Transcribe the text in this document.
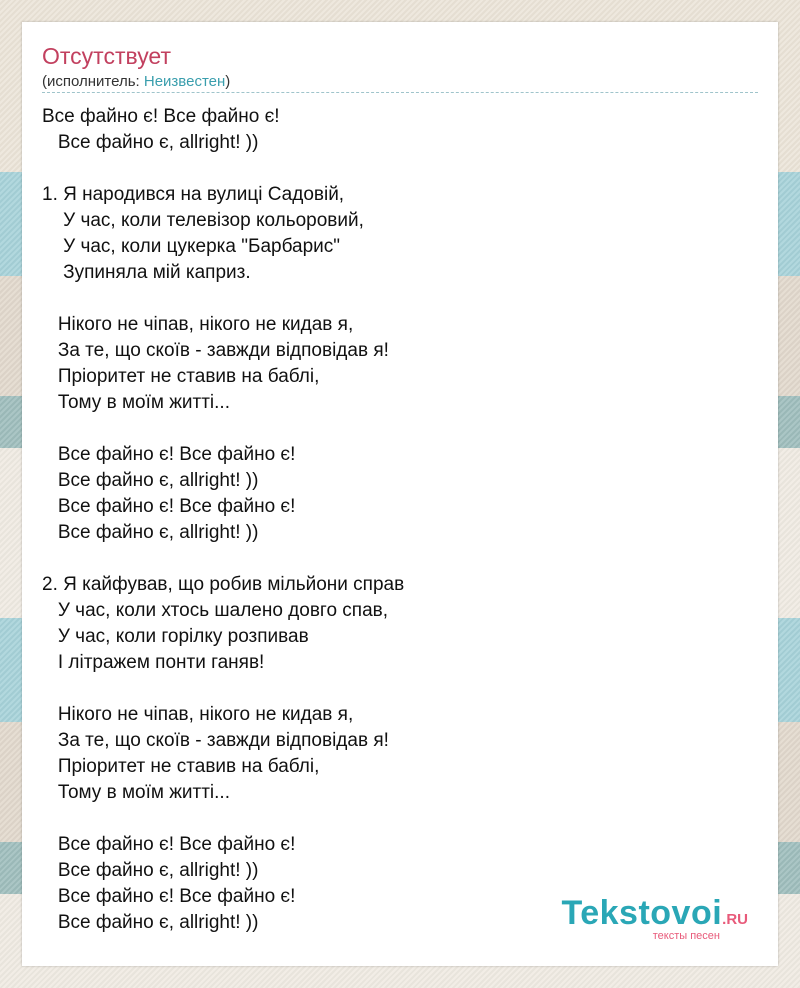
Отсутствует
(исполнитель: Неизвестен)
Все файно є! Все файно є!
Все файно є, allright! ))
1. Я народився на вулиці Садовій,
У час, коли телевізор кольоровий,
У час, коли цукерка "Барбарис"
Зупиняла мій каприз.
Нікого не чіпав, нікого не кидав я,
За те, що скоїв - завжди відповідав я!
Пріоритет не ставив на баблі,
Тому в моїм житті...
Все файно є! Все файно є!
Все файно є, allright! ))
Все файно є! Все файно є!
Все файно є, allright! ))
2. Я кайфував, що робив мільйони справ
У час, коли хтось шалено довго спав,
У час, коли горілку розпивав
І літражем понти ганяв!
Нікого не чіпав, нікого не кидав я,
За те, що скоїв - завжди відповідав я!
Пріоритет не ставив на баблі,
Тому в моїм житті...
Все файно є! Все файно є!
Все файно є, allright! ))
Все файно є! Все файно є!
Все файно є, allright! ))	Tekstovoi.RU
тексты песен
